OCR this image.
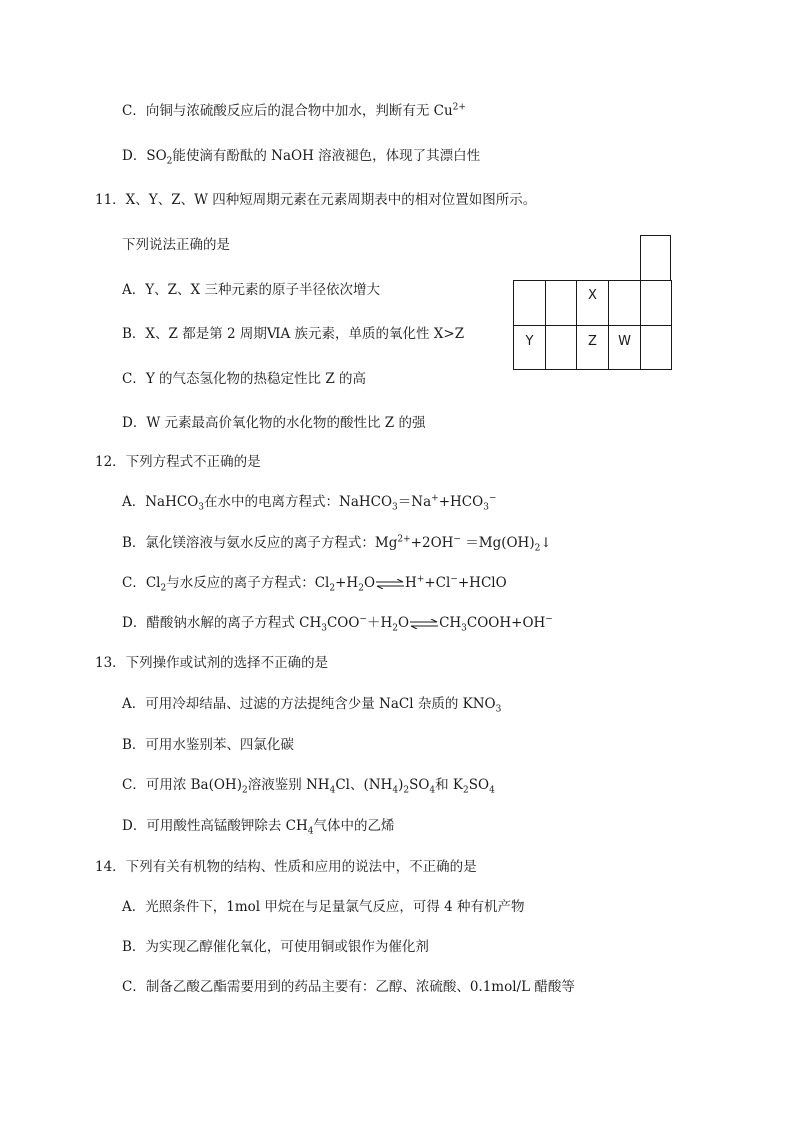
C．向铜与浓硫酸反应后的混合物中加水，判断有无 $Cu^{2+}$
D．$SO_2$能使滴有酚酞的 NaOH 溶液褪色，体现了其漂白性
11．X、Y、Z、W 四种短周期元素在元素周期表中的相对位置如图所示。
下列说法正确的是
A．Y、Z、X 三种元素的原子半径依次增大
B．X、Z 都是第 2 周期ⅥA 族元素，单质的氧化性 X>Z
C．Y 的气态氢化物的热稳定性比 Z 的高
D．W 元素最高价氧化物的水化物的酸性比 Z 的强
X
Y	Z	W
12．下列方程式不正确的是
A．NaHCO$_3$在水中的电离方程式：$NaHCO_3=Na^++HCO_3^-$
B．氯化镁溶液与氨水反应的离子方程式：$Mg^{2+}+2OH^-$ $=Mg(OH)_2↓$
C．$Cl_2$与水反应的离子方程式：$Cl_2+H_2O\rightleftharpoons H^++Cl^-+HClO$
D．醋酸钠水解的离子方程式 $CH_3COO^-+H_2O\rightleftharpoons CH_3COOH+OH^-$
13．下列操作或试剂的选择不正确的是
A．可用冷却结晶、过滤的方法提纯含少量 NaCl 杂质的 $KNO_3$
B．可用水鉴别苯、四氯化碳
C．可用浓 $Ba(OH)_2$溶液鉴别 $NH_4Cl$、$(NH_4)_2SO_4$和 $K_2SO_4$
D．可用酸性高锰酸钾除去 $CH_4$气体中的乙烯
14．下列有关有机物的结构、性质和应用的说法中，不正确的是
A．光照条件下，1mol 甲烷在与足量氯气反应，可得 4 种有机产物
B．为实现乙醇催化氧化，可使用铜或银作为催化剂
C．制备乙酸乙酯需要用到的药品主要有：乙醇、浓硫酸、0.1mol/L 醋酸等
